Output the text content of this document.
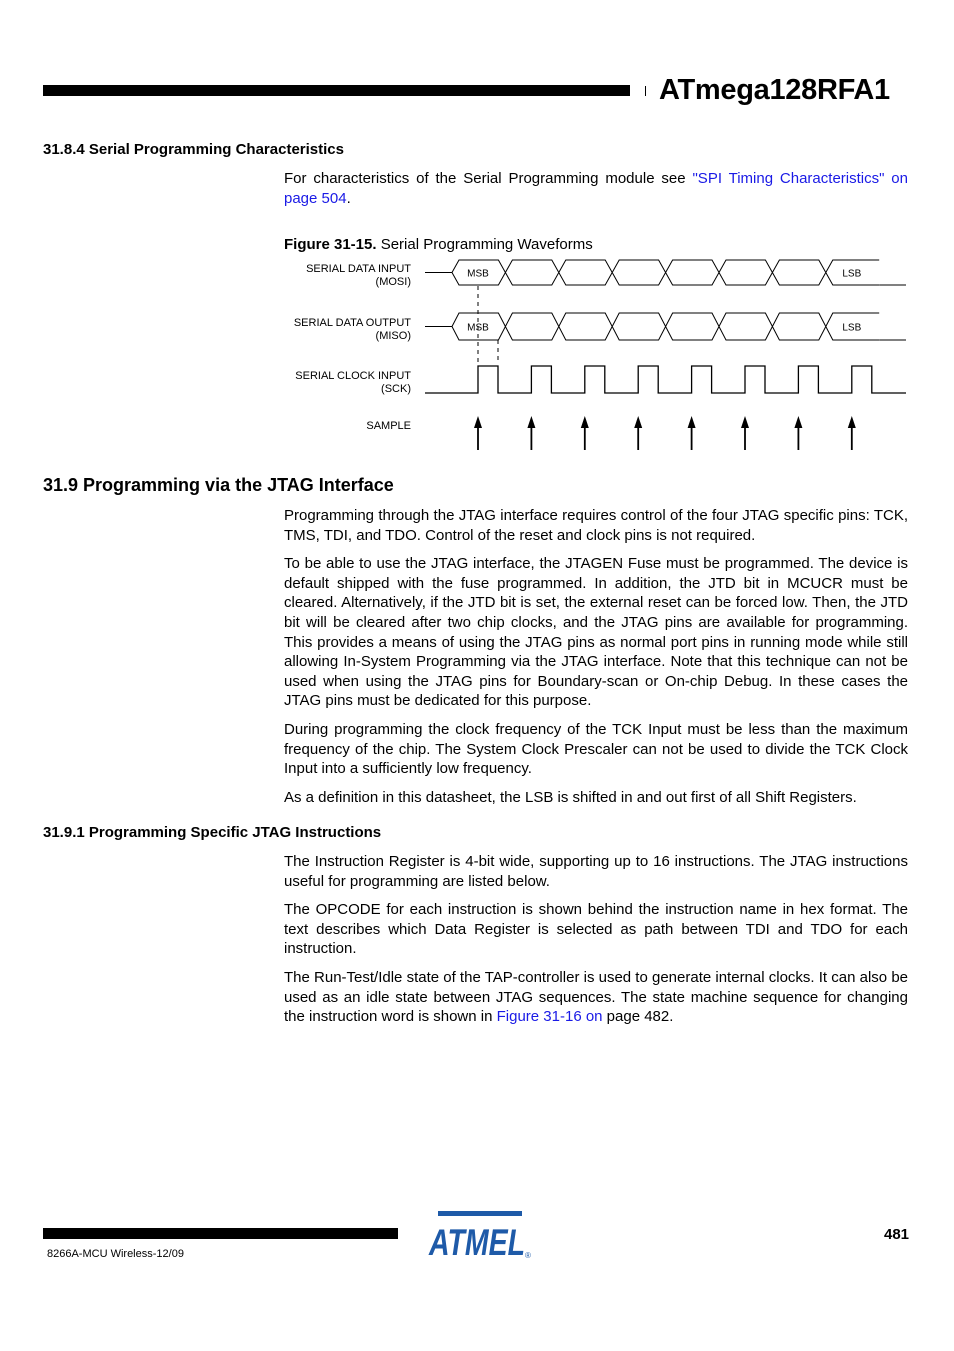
ATmega128RFA1
31.8.4 Serial Programming Characteristics

For characteristics of the Serial Programming module see "SPI Timing Characteristics" on page 504.

Figure 31-15. Serial Programming Waveforms
SERIAL DATA INPUT
(MOSI)
SERIAL DATA OUTPUT
(MISO)
SERIAL CLOCK INPUT
(SCK)
SAMPLE
MSB	LSB
MSB	LSB
31.9 Programming via the JTAG Interface

Programming through the JTAG interface requires control of the four JTAG specific pins: TCK, TMS, TDI, and TDO. Control of the reset and clock pins is not required.

To be able to use the JTAG interface, the JTAGEN Fuse must be programmed. The device is default shipped with the fuse programmed. In addition, the JTD bit in MCUCR must be cleared. Alternatively, if the JTD bit is set, the external reset can be forced low. Then, the JTD bit will be cleared after two chip clocks, and the JTAG pins are available for programming. This provides a means of using the JTAG pins as normal port pins in running mode while still allowing In-System Programming via the JTAG interface. Note that this technique can not be used when using the JTAG pins for Boundary-scan or On-chip Debug. In these cases the JTAG pins must be dedicated for this purpose.

During programming the clock frequency of the TCK Input must be less than the maximum frequency of the chip. The System Clock Prescaler can not be used to divide the TCK Clock Input into a sufficiently low frequency.

As a definition in this datasheet, the LSB is shifted in and out first of all Shift Registers.

31.9.1 Programming Specific JTAG Instructions

The Instruction Register is 4-bit wide, supporting up to 16 instructions. The JTAG instructions useful for programming are listed below.

The OPCODE for each instruction is shown behind the instruction name in hex format. The text describes which Data Register is selected as path between TDI and TDO for each instruction.

The Run-Test/Idle state of the TAP-controller is used to generate internal clocks. It can also be used as an idle state between JTAG sequences. The state machine sequence for changing the instruction word is shown in Figure 31-16 on page 482.

8266A-MCU Wireless-12/09
481
ATMEL ®
